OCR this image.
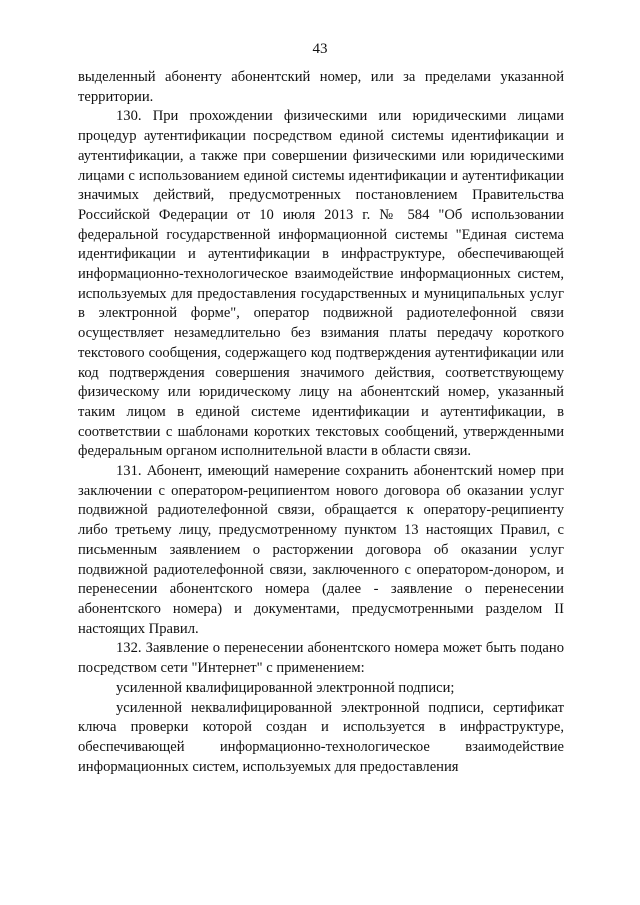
43

выделенный абоненту абонентский номер, или за пределами указанной территории.

130. При прохождении физическими или юридическими лицами процедур аутентификации посредством единой системы идентификации и аутентификации, а также при совершении физическими или юридическими лицами с использованием единой системы идентификации и аутентификации значимых действий, предусмотренных постановлением Правительства Российской Федерации от 10 июля 2013 г. № 584 "Об использовании федеральной государственной информационной системы "Единая система идентификации и аутентификации в инфраструктуре, обеспечивающей информационно-технологическое взаимодействие информационных систем, используемых для предоставления государственных и муниципальных услуг в электронной форме", оператор подвижной радиотелефонной связи осуществляет незамедлительно без взимания платы передачу короткого текстового сообщения, содержащего код подтверждения аутентификации или код подтверждения совершения значимого действия, соответствующему физическому или юридическому лицу на абонентский номер, указанный таким лицом в единой системе идентификации и аутентификации, в соответствии с шаблонами коротких текстовых сообщений, утвержденными федеральным органом исполнительной власти в области связи.

131. Абонент, имеющий намерение сохранить абонентский номер при заключении с оператором-реципиентом нового договора об оказании услуг подвижной радиотелефонной связи, обращается к оператору-реципиенту либо третьему лицу, предусмотренному пунктом 13 настоящих Правил, с письменным заявлением о расторжении договора об оказании услуг подвижной радиотелефонной связи, заключенного с оператором-донором, и перенесении абонентского номера (далее - заявление о перенесении абонентского номера) и документами, предусмотренными разделом II настоящих Правил.

132. Заявление о перенесении абонентского номера может быть подано посредством сети "Интернет" с применением:

усиленной квалифицированной электронной подписи;

усиленной неквалифицированной электронной подписи, сертификат ключа проверки которой создан и используется в инфраструктуре, обеспечивающей информационно-технологическое взаимодействие информационных систем, используемых для предоставления
